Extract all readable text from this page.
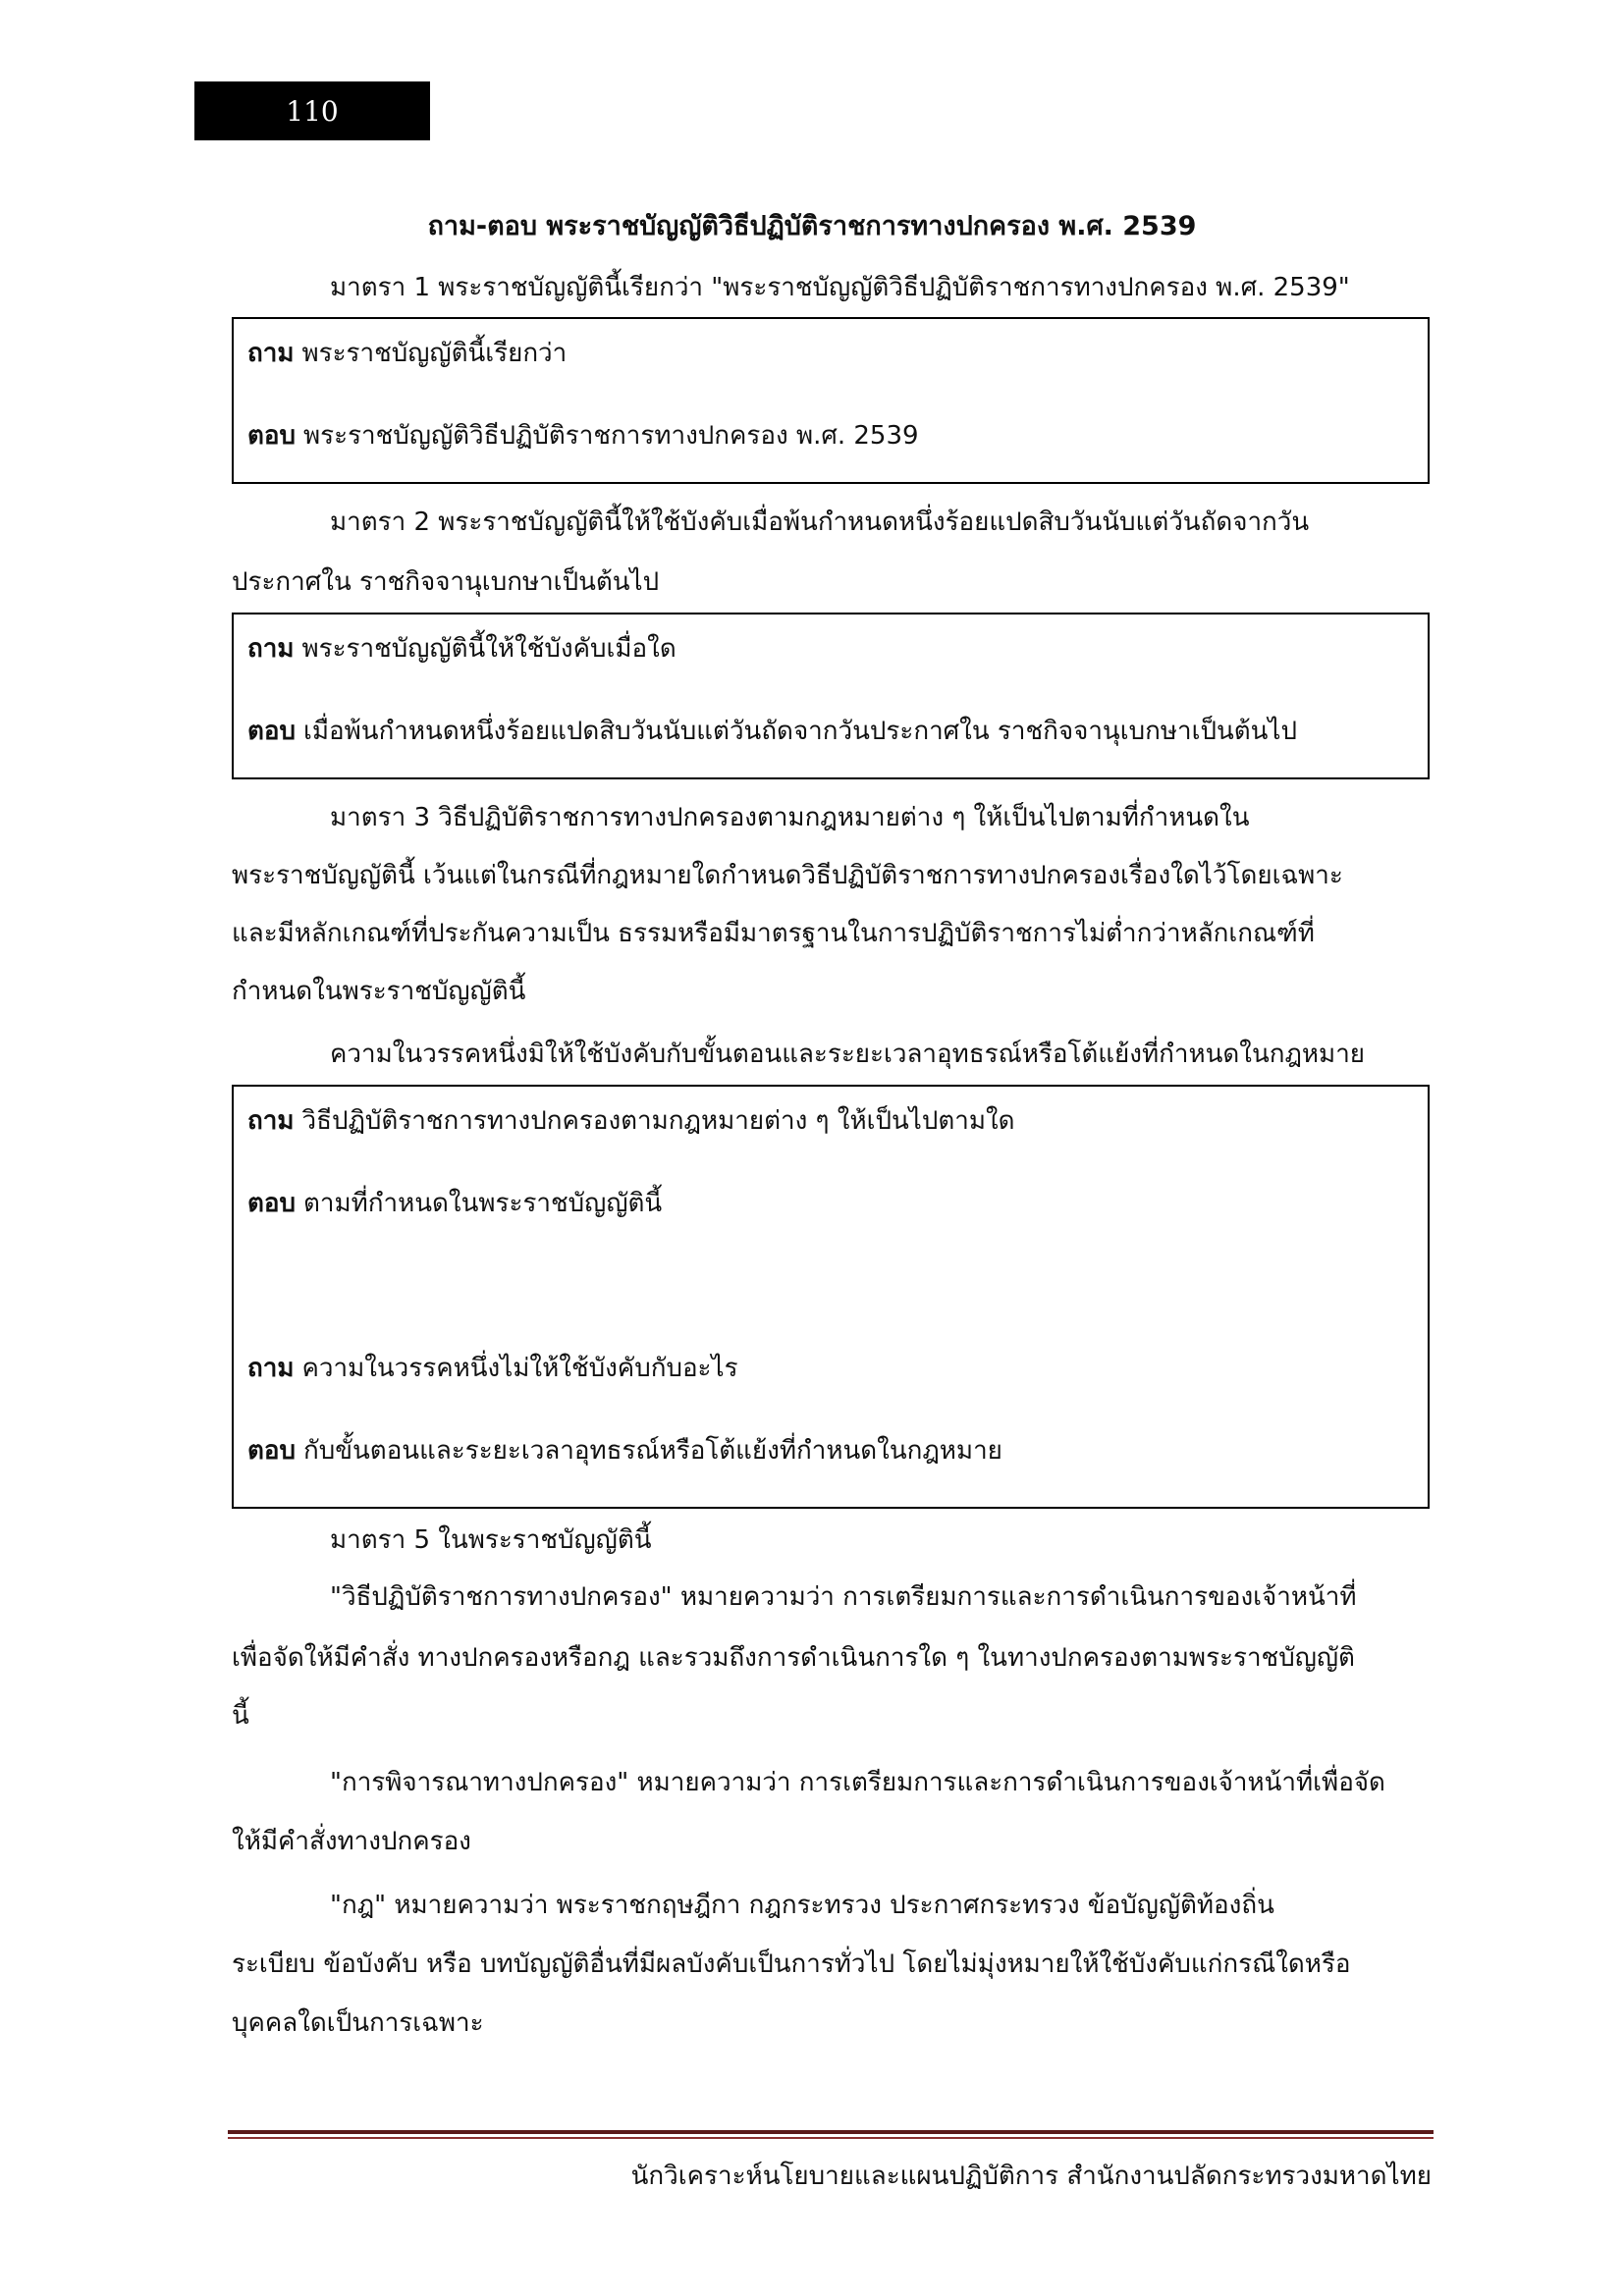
110
ถาม-ตอบ พระราชบัญญัติวิธีปฏิบัติราชการทางปกครอง พ.ศ. 2539
มาตรา 1 พระราชบัญญัตินี้เรียกว่า "พระราชบัญญัติวิธีปฏิบัติราชการทางปกครอง พ.ศ. 2539"
ถาม พระราชบัญญัตินี้เรียกว่า
ตอบ พระราชบัญญัติวิธีปฏิบัติราชการทางปกครอง พ.ศ. 2539
มาตรา 2 พระราชบัญญัตินี้ให้ใช้บังคับเมื่อพ้นกำหนดหนึ่งร้อยแปดสิบวันนับแต่วันถัดจากวัน
ประกาศใน ราชกิจจานุเบกษาเป็นต้นไป
ถาม พระราชบัญญัตินี้ให้ใช้บังคับเมื่อใด
ตอบ เมื่อพ้นกำหนดหนึ่งร้อยแปดสิบวันนับแต่วันถัดจากวันประกาศใน ราชกิจจานุเบกษาเป็นต้นไป
มาตรา 3 วิธีปฏิบัติราชการทางปกครองตามกฎหมายต่าง ๆ ให้เป็นไปตามที่กำหนดใน
พระราชบัญญัตินี้ เว้นแต่ในกรณีที่กฎหมายใดกำหนดวิธีปฏิบัติราชการทางปกครองเรื่องใดไว้โดยเฉพาะ
และมีหลักเกณฑ์ที่ประกันความเป็น ธรรมหรือมีมาตรฐานในการปฏิบัติราชการไม่ต่ำกว่าหลักเกณฑ์ที่
กำหนดในพระราชบัญญัตินี้
ความในวรรคหนึ่งมิให้ใช้บังคับกับขั้นตอนและระยะเวลาอุทธรณ์หรือโต้แย้งที่กำหนดในกฎหมาย
ถาม วิธีปฏิบัติราชการทางปกครองตามกฎหมายต่าง ๆ ให้เป็นไปตามใด
ตอบ ตามที่กำหนดในพระราชบัญญัตินี้
ถาม ความในวรรคหนึ่งไม่ให้ใช้บังคับกับอะไร
ตอบ กับขั้นตอนและระยะเวลาอุทธรณ์หรือโต้แย้งที่กำหนดในกฎหมาย
มาตรา 5 ในพระราชบัญญัตินี้
"วิธีปฏิบัติราชการทางปกครอง" หมายความว่า การเตรียมการและการดำเนินการของเจ้าหน้าที่
เพื่อจัดให้มีคำสั่ง ทางปกครองหรือกฎ และรวมถึงการดำเนินการใด ๆ ในทางปกครองตามพระราชบัญญัติ
นี้
"การพิจารณาทางปกครอง" หมายความว่า การเตรียมการและการดำเนินการของเจ้าหน้าที่เพื่อจัด
ให้มีคำสั่งทางปกครอง
"กฎ" หมายความว่า พระราชกฤษฎีกา กฎกระทรวง ประกาศกระทรวง ข้อบัญญัติท้องถิ่น
ระเบียบ ข้อบังคับ หรือ บทบัญญัติอื่นที่มีผลบังคับเป็นการทั่วไป โดยไม่มุ่งหมายให้ใช้บังคับแก่กรณีใดหรือ
บุคคลใดเป็นการเฉพาะ
นักวิเคราะห์นโยบายและแผนปฏิบัติการ สำนักงานปลัดกระทรวงมหาดไทย
